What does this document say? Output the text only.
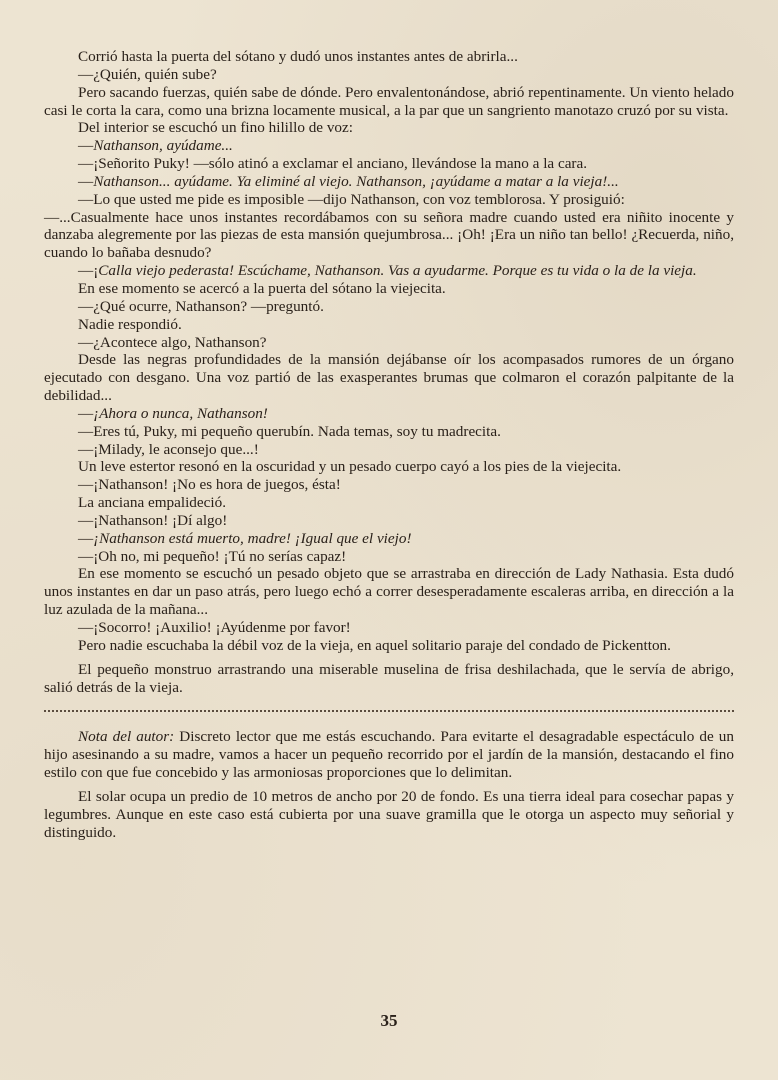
Corrió hasta la puerta del sótano y dudó unos instantes antes de abrirla...

—¿Quién, quién sube?

Pero sacando fuerzas, quién sabe de dónde. Pero envalentonándose, abrió repentinamente. Un viento helado casi le corta la cara, como una brizna locamente musical, a la par que un sangriento manotazo cruzó por su vista.

Del interior se escuchó un fino hilillo de voz:

—Nathanson, ayúdame...

—¡Señorito Puky! —sólo atinó a exclamar el anciano, llevándose la mano a la cara.

—Nathanson... ayúdame. Ya eliminé al viejo. Nathanson, ¡ayúdame a matar a la vieja!...

—Lo que usted me pide es imposible —dijo Nathanson, con voz temblorosa. Y prosiguió:

—...Casualmente hace unos instantes recordábamos con su señora madre cuando usted era niñito inocente y danzaba alegremente por las piezas de esta mansión quejumbrosa... ¡Oh! ¡Era un niño tan bello! ¿Recuerda, niño, cuando lo bañaba desnudo?

—¡Calla viejo pederasta! Escúchame, Nathanson. Vas a ayudarme. Porque es tu vida o la de la vieja.

En ese momento se acercó a la puerta del sótano la viejecita.

—¿Qué ocurre, Nathanson? —preguntó.

Nadie respondió.

—¿Acontece algo, Nathanson?

Desde las negras profundidades de la mansión dejábanse oír los acompasados rumores de un órgano ejecutado con desgano. Una voz partió de las exasperantes brumas que colmaron el corazón palpitante de la debilidad...

—¡Ahora o nunca, Nathanson!

—Eres tú, Puky, mi pequeño querubín. Nada temas, soy tu madrecita.

—¡Milady, le aconsejo que...!

Un leve estertor resonó en la oscuridad y un pesado cuerpo cayó a los pies de la viejecita.

—¡Nathanson! ¡No es hora de juegos, ésta!

La anciana empalideció.

—¡Nathanson! ¡Dí algo!

—¡Nathanson está muerto, madre! ¡Igual que el viejo!

—¡Oh no, mi pequeño! ¡Tú no serías capaz!

En ese momento se escuchó un pesado objeto que se arrastraba en dirección de Lady Nathasia. Esta dudó unos instantes en dar un paso atrás, pero luego echó a correr desesperadamente escaleras arriba, en dirección a la luz azulada de la mañana...

—¡Socorro! ¡Auxilio! ¡Ayúdenme por favor!

Pero nadie escuchaba la débil voz de la vieja, en aquel solitario paraje del condado de Pickentton.

El pequeño monstruo arrastrando una miserable muselina de frisa deshilachada, que le servía de abrigo, salió detrás de la vieja.

Nota del autor: Discreto lector que me estás escuchando. Para evitarte el desagradable espectáculo de un hijo asesinando a su madre, vamos a hacer un pequeño recorrido por el jardín de la mansión, destacando el fino estilo con que fue concebido y las armoniosas proporciones que lo delimitan.

El solar ocupa un predio de 10 metros de ancho por 20 de fondo. Es una tierra ideal para cosechar papas y legumbres. Aunque en este caso está cubierta por una suave gramilla que le otorga un aspecto muy señorial y distinguido.

35
